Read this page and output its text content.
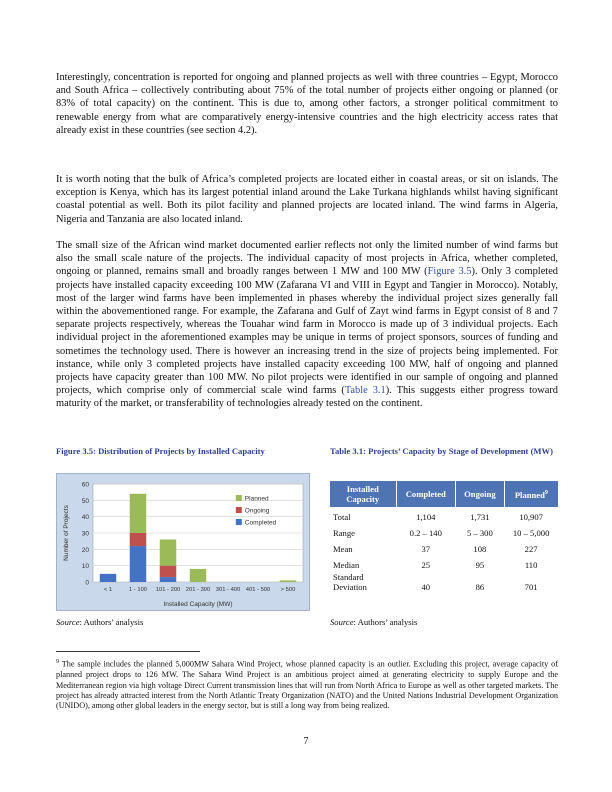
Interestingly, concentration is reported for ongoing and planned projects as well with three countries – Egypt, Morocco and South Africa – collectively contributing about 75% of the total number of projects either ongoing or planned (or 83% of total capacity) on the continent. This is due to, among other factors, a stronger political commitment to renewable energy from what are comparatively energy-intensive countries and the high electricity access rates that already exist in these countries (see section 4.2).

It is worth noting that the bulk of Africa’s completed projects are located either in coastal areas, or sit on islands. The exception is Kenya, which has its largest potential inland around the Lake Turkana highlands whilst having significant coastal potential as well. Both its pilot facility and planned projects are located inland. The wind farms in Algeria, Nigeria and Tanzania are also located inland.

The small size of the African wind market documented earlier reflects not only the limited number of wind farms but also the small scale nature of the projects. The individual capacity of most projects in Africa, whether completed, ongoing or planned, remains small and broadly ranges between 1 MW and 100 MW (Figure 3.5). Only 3 completed projects have installed capacity exceeding 100 MW (Zafarana VI and VIII in Egypt and Tangier in Morocco). Notably, most of the larger wind farms have been implemented in phases whereby the individual project sizes generally fall within the abovementioned range. For example, the Zafarana and Gulf of Zayt wind farms in Egypt consist of 8 and 7 separate projects respectively, whereas the Touahar wind farm in Morocco is made up of 3 individual projects. Each individual project in the aforementioned examples may be unique in terms of project sponsors, sources of funding and sometimes the technology used. There is however an increasing trend in the size of projects being implemented. For instance, while only 3 completed projects have installed capacity exceeding 100 MW, half of ongoing and planned projects have capacity greater than 100 MW. No pilot projects were identified in our sample of ongoing and planned projects, which comprise only of commercial scale wind farms (Table 3.1). This suggests either progress toward maturity of the market, or transferability of technologies already tested on the continent.

Figure 3.5: Distribution of Projects by Installed Capacity	Table 3.1: Projects’ Capacity by Stage of Development (MW)

0
10
20
30
40
50
60
< 1	1 - 100 101 - 200 201 - 300 301 - 400 401 - 500 > 500
Installed Capacity (MW)
Number of Projects
Planned
Ongoing
Completed
Source: Authors’ analysis
Installed Capacity	Completed	Ongoing	Planned$^9$
Total	1,104	1,731	10,907
Range	0.2 – 140	5 – 300	10 – 5,000
Mean	37	108	227
Median	25	95	110
Standard Deviation	40	86	701
Source: Authors’ analysis

$^9$ The sample includes the planned 5,000MW Sahara Wind Project, whose planned capacity is an outlier. Excluding this project, average capacity of planned project drops to 126 MW. The Sahara Wind Project is an ambitious project aimed at generating electricity to supply Europe and the Mediterranean region via high voltage Direct Current transmission lines that will run from North Africa to Europe as well as other targeted markets. The project has already attracted interest from the North Atlantic Treaty Organization (NATO) and the United Nations Industrial Development Organization (UNIDO), among other global leaders in the energy sector, but is still a long way from being realized.

7
